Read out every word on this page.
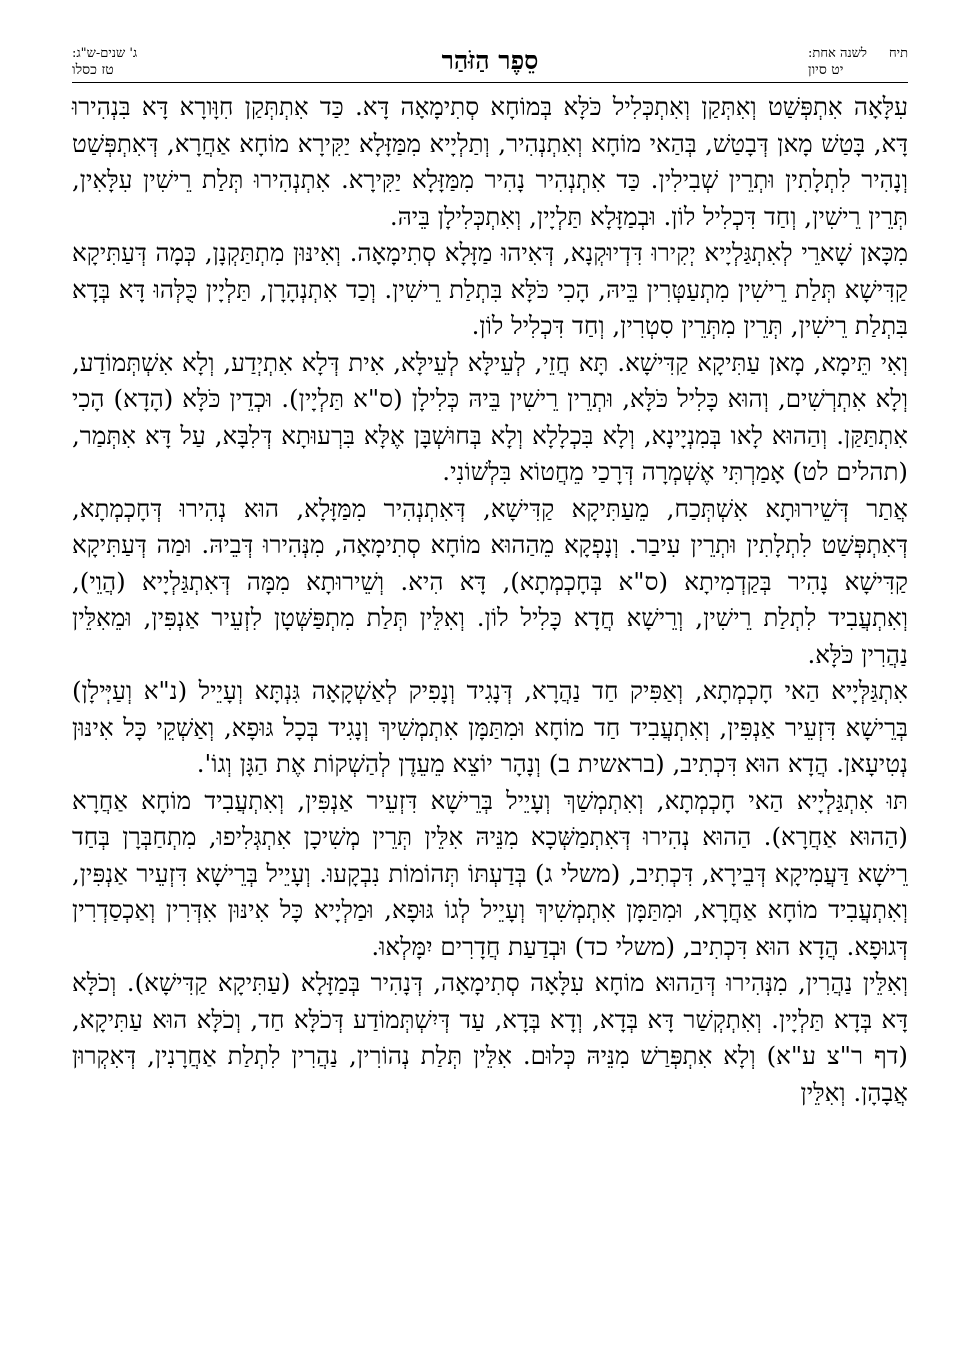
תיחלשנה אחת:
יט סיון
סֵפֶר הַזֹּהַר
ג' שנים-ש"ג:
טז כסלו

עִלָּאָה אִתְפְּשַׁט וְאִתְּקַן וְאִתְכְּלִיל כֹּלָּא בְּמוֹחָא סְתִימָאָה דָּא. כַּד אִתְתְּקַן חִוָּורָא דָּא בִּנְהִירוּ דָּא, בָּטַשׁ מָאן דְּבָטַשׁ, בְּהַאי מוֹחָא וְאִתְנְהִיר, וְתַלְיָיא מִמַּזָּלָא יַקִּירָא מוֹחָא אַחֲרָא, דְּאִתְפְּשַׁט וְנָהִיר לִתְלָתִין וּתְרֵין שְׁבִילִין. כַּד אִתְנְהִיר נָהִיר מִמַּזָּלָא יַקִּירָא. אִתְנְהִירוּ תְּלַת רֵישִׁין עִלָּאִין, תְּרֵין רֵישִׁין, וְחַד דִּכְלִיל לוֹן. וּבְמַזָּלָא תַּלְיָין, וְאִתְכְּלִילָן בֵּיהּ.

מִכָּאן שָׁארֵי לְאִתְגַּלְיָיא יְקִירוּ דִּדְיוּקְנָא, דְּאִיהוּ מַזָּלָא סְתִימָאָה. וְאִינּוּן מִתְתַּקְנָן, כְּמָה דְּעַתִּיקָא קַדִּישָׁא תְּלַת רֵישִׁין מִתְעַטְּרִין בֵּיהּ, הָכִי כֹּלָּא בִּתְלַת רֵישִׁין. וְכַד אִתְנְהָרָן, תַּלְיָין כֻּלְּהוּ דָּא בְּדָא בִּתְלַת רֵישִׁין, תְּרֵין מִתְּרֵין סִטְרִין, וְחַד דִּכְלִיל לוֹן.

וְאִי תֵּימָא, מָאן עַתִּיקָא קַדִּישָׁא. תָּא חֲזֵי, לְעֵילָּא לְעֵילָּא, אִית דְּלָא אִתְיְדַע, וְלָא אִשְׁתְּמוֹדַע, וְלָא אִתְרְשִׁים, וְהוּא כָּלִיל כֹּלָּא, וּתְרֵין רֵישִׁין בֵּיהּ כְּלִילָן (ס"א תַּלְיָין). וּכְדֵין כֹּלָּא (הָדָא) הָכִי אִתְתַּקַּן. וְהַהוּא לָאו בְּמִנְיָינָא, וְלָא בִּכְלָלָא וְלָא בְּחוּשְׁבָּן אֶלָּא בִּרְעוּתָא דְּלִבָּא, עַל דָּא אִתְּמַר, (תהלים לט) אָמַרְתִּי אֶשְׁמְרָה דְּרָכַי מֵחֲטוֹא בִּלְשׁוֹנִי.

אֲתַר דְּשֵׁירוּתָא אִשְׁתְּכַח, מֵעַתִּיקָא קַדִּישָׁא, דְּאִתְנְהִיר מִמַּזָּלָא, הוּא נְהִירוּ דְּחָכְמְתָא, דְּאִתְפְּשַׁט לִתְלָתִין וּתְרֵין עִיבַר. וְנָפְקָא מֵהַהוּא מוֹחָא סְתִימָאָה, מִנְּהִירוּ דְּבֵיהּ. וּמַה דְּעַתִּיקָא קַדִּישָׁא נָהִיר בְּקַדְמִיתָא (ס"א בְּחָכְמְתָא), דָּא הִיא. וְשֵׁירוּתָא מִמָּה דְּאִתְגַּלְיָיא (הֲוֵי), וְאִתְעֲבִיד לִתְלַת רֵישִׁין, וְרֵישָׁא חֲדָא כָּלִיל לוֹן. וְאִלֵּין תְּלַת מִתְפַּשְּׁטָן לִזְעֵיר אַנְפִּין, וּמֵאִלֵּין נַהֲרִין כֹּלָּא.

אִתְגַּלְּיָיא הַאי חָכְמְתָא, וְאַפִּיק חַד נַהֲרָא, דְּנָגִיד וְנָפִיק לְאַשְׁקָאָה גִּנְתָּא וְעָיֵיל (נ"א וְעַיְּילָן) בְּרֵישָׁא דִּזְעֵיר אַנְפִּין, וְאִתְעֲבִיד חַד מוֹחָא וּמִתַּמָּן אִתְמְשִׁיךְ וְנָגִיד בְּכָל גּוּפָא, וְאַשְׁקֵי כָּל אִינּוּן נְטִיעָאן. הֲדָא הוּא דִּכְתִיב, (בראשית ב) וְנָהָר יוֹצֵא מֵעֵדֶן לְהַשְׁקוֹת אֶת הַגָּן וְגוֹ'.

תּוּ אִתְגַּלְיָיא הַאי חָכְמְתָא, וְאִתְמְשַׁךְ וְעָיֵיל בְּרֵישָׁא דִּזְעֵיר אַנְפִּין, וְאִתְעֲבִיד מוֹחָא אַחֲרָא (הַהוּא אַחֲרָא). הַהוּא נְהִירוּ דְּאִתְמַשְּׁכָא מִנֵּיהּ אִלֵּין תְּרֵין מְשִׁיכָן אִתְגְּלִיפוּ, מִתְחַבְּרָן בְּחַד רֵישָׁא דַּעֲמִיקָא דְּבֵירָא, דִּכְתִיב, (משלי ג) בְּדַעְתּוֹ תְּהוֹמוֹת נִבְקָעוּ. וְעָיֵיל בְּרֵישָׁא דִּזְעֵיר אַנְפִּין, וְאִתְעֲבִיד מוֹחָא אַחֲרָא, וּמִתַּמָּן אִתְמְשִׁיךְ וְעָיֵיל לְגוֹ גּוּפָא, וּמַלְיָיא כָּל אִינּוּן אִדְּרִין וְאַכְסַדְרִין דְּגוּפָא. הֲדָא הוּא דִּכְתִיב, (משלי כד) וּבְדַעַת חֲדָרִים יִמָּלְאוּ.

וְאִלֵּין נַהֲרִין, מִנְּהִירוּ דְּהַהוּא מוֹחָא עִלָּאָה סְתִימָאָה, דְּנָהִיר בְּמַזָּלָא (עַתִּיקָא קַדִּישָׁא). וְכֹלָּא דָּא בְּדָא תַּלְיָין. וְאִתְקְשַׁר דָּא בְּדָא, וְדָא בְּדָא, עַד דְּיִשְׁתְּמוֹדַע דְּכֹלָּא חַד, וְכֹלָּא הוּא עַתִּיקָא, (דף ר"צ ע"א) וְלָא אִתְפְּרַשׁ מִנֵּיהּ כְּלוּם. אִלֵּין תְּלַת נְהוֹרִין, נַהֲרִין לִתְלַת אַחֲרָנִין, דְּאִקְרוּן אֲבָהָן. וְאִלֵּין
